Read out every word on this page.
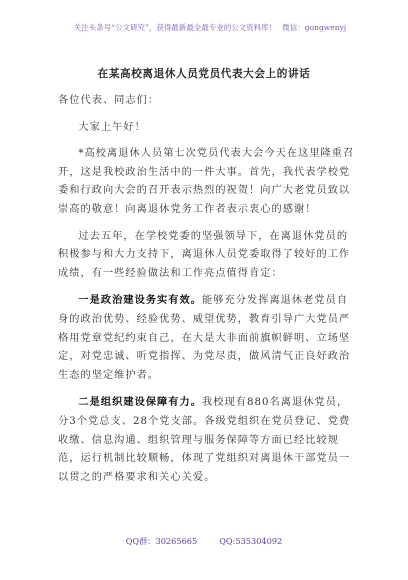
关注头条号“公文研究”，获得最新最全最专业的公文资料库！ 微信：gongwenyj
在某高校离退休人员党员代表大会上的讲话

各位代表、同志们：

大家上午好！

*高校离退休人员第七次党员代表大会今天在这里隆重召开，这是我校政治生活中的一件大事。首先，我代表学校党委和行政向大会的召开表示热烈的祝贺！向广大老党员致以崇高的敬意！向离退休党务工作者表示衷心的感谢！

过去五年，在学校党委的坚强领导下，在离退休党员的积极参与和大力支持下，离退休人员党委取得了较好的工作成绩，有一些经验做法和工作亮点值得肯定：

一是政治建设务实有效。能够充分发挥离退休老党员自身的政治优势、经验优势、威望优势，教育引导广大党员严格用党章党纪约束自己，在大是大非面前旗帜鲜明、立场坚定，对党忠诚、听党指挥、为党尽责，做风清气正良好政治生态的坚定维护者。

二是组织建设保障有力。我校现有880名离退休党员，分3个党总支、28个党支部。各级党组织在党员登记、党费收缴、信息沟通、组织管理与服务保障等方面已经比较规范，运行机制比较顺畅，体现了党组织对离退休干部党员一以贯之的严格要求和关心关爱。

QQ群：30265665	QQ:535304092
